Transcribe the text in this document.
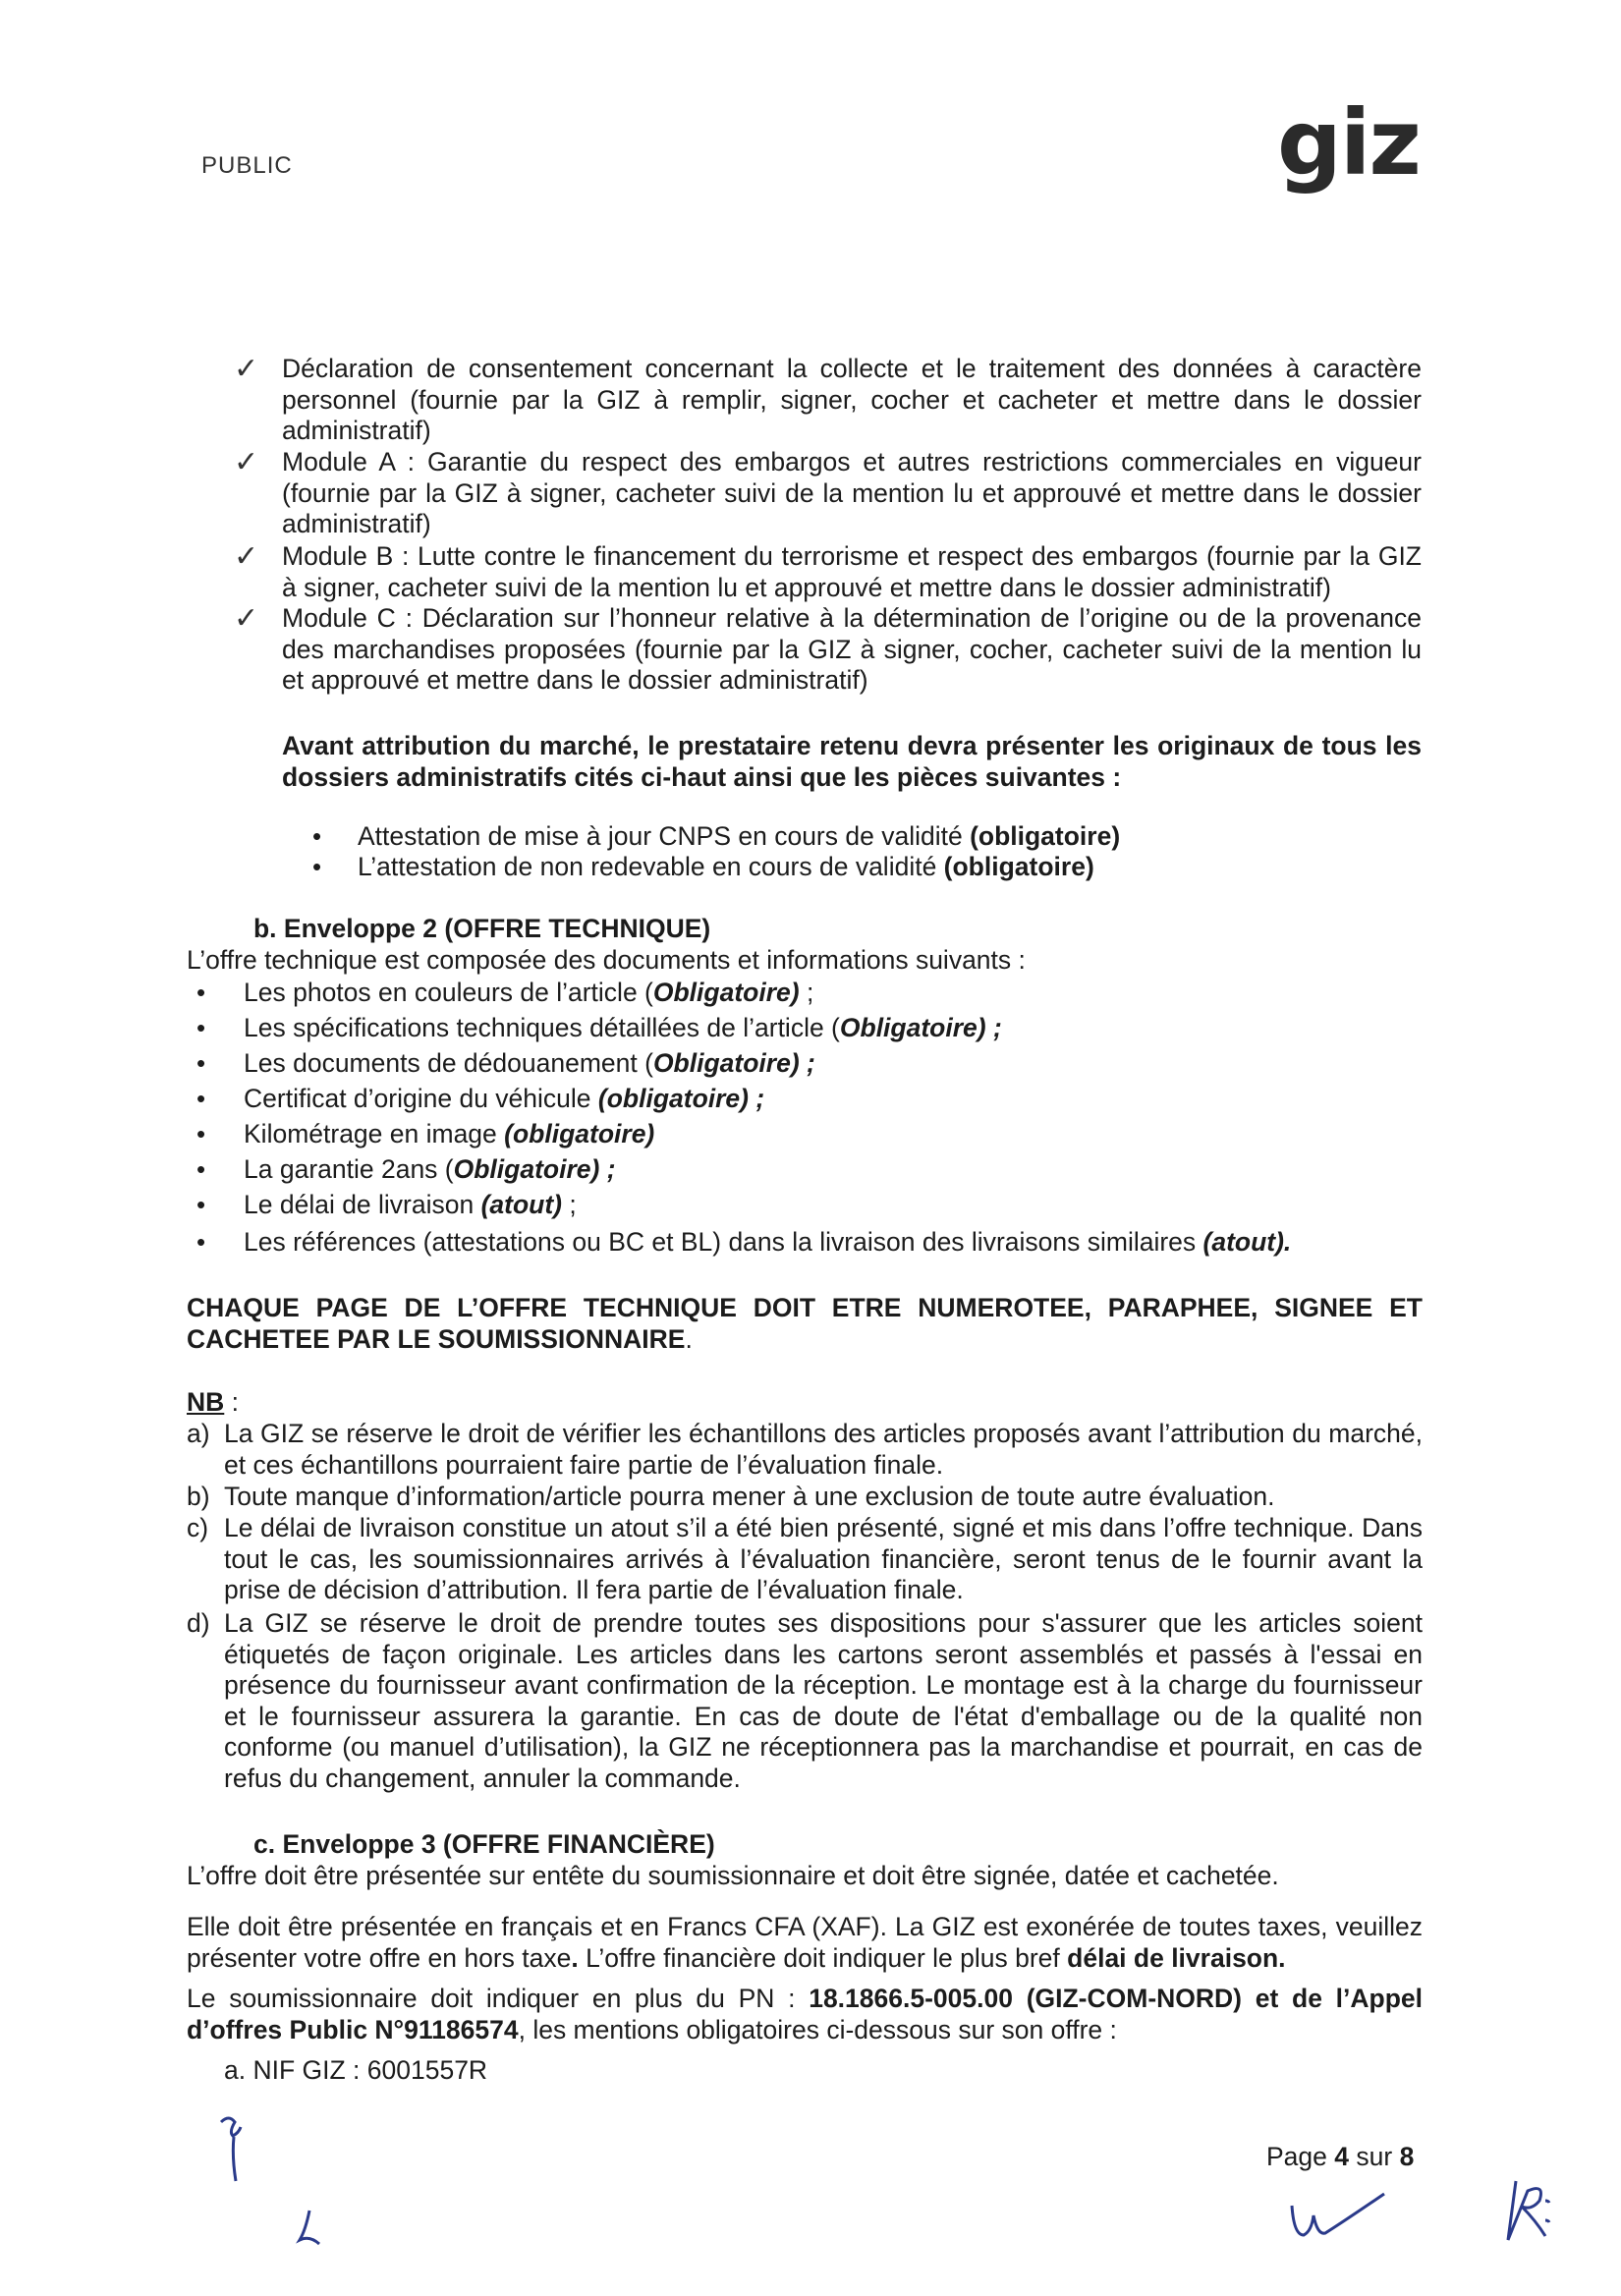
PUBLIC	giz
✓ Déclaration de consentement concernant la collecte et le traitement des données à caractère personnel (fournie par la GIZ à remplir, signer, cocher et cacheter et mettre dans le dossier administratif)
✓ Module A : Garantie du respect des embargos et autres restrictions commerciales en vigueur (fournie par la GIZ à signer, cacheter suivi de la mention lu et approuvé et mettre dans le dossier administratif)
✓ Module B : Lutte contre le financement du terrorisme et respect des embargos (fournie par la GIZ à signer, cacheter suivi de la mention lu et approuvé et mettre dans le dossier administratif)
✓ Module C : Déclaration sur l’honneur relative à la détermination de l’origine ou de la provenance des marchandises proposées (fournie par la GIZ à signer, cocher, cacheter suivi de la mention lu et approuvé et mettre dans le dossier administratif)
Avant attribution du marché, le prestataire retenu devra présenter les originaux de tous les dossiers administratifs cités ci-haut ainsi que les pièces suivantes :
• Attestation de mise à jour CNPS en cours de validité (obligatoire)
• L’attestation de non redevable en cours de validité (obligatoire)
b. Enveloppe 2 (OFFRE TECHNIQUE)
L’offre technique est composée des documents et informations suivants :
• Les photos en couleurs de l’article (Obligatoire) ;
• Les spécifications techniques détaillées de l’article (Obligatoire) ;
• Les documents de dédouanement (Obligatoire) ;
• Certificat d’origine du véhicule (obligatoire) ;
• Kilométrage en image (obligatoire)
• La garantie 2ans (Obligatoire) ;
• Le délai de livraison (atout) ;
• Les références (attestations ou BC et BL) dans la livraison des livraisons similaires (atout).
CHAQUE PAGE DE L’OFFRE TECHNIQUE DOIT ETRE NUMEROTEE, PARAPHEE, SIGNEE ET CACHETEE PAR LE SOUMISSIONNAIRE.
NB :
a) La GIZ se réserve le droit de vérifier les échantillons des articles proposés avant l’attribution du marché, et ces échantillons pourraient faire partie de l’évaluation finale.
b) Toute manque d’information/article pourra mener à une exclusion de toute autre évaluation.
c) Le délai de livraison constitue un atout s’il a été bien présenté, signé et mis dans l’offre technique. Dans tout le cas, les soumissionnaires arrivés à l’évaluation financière, seront tenus de le fournir avant la prise de décision d’attribution. Il fera partie de l’évaluation finale.
d) La GIZ se réserve le droit de prendre toutes ses dispositions pour s'assurer que les articles soient étiquetés de façon originale. Les articles dans les cartons seront assemblés et passés à l'essai en présence du fournisseur avant confirmation de la réception. Le montage est à la charge du fournisseur et le fournisseur assurera la garantie. En cas de doute de l'état d'emballage ou de la qualité non conforme (ou manuel d’utilisation), la GIZ ne réceptionnera pas la marchandise et pourrait, en cas de refus du changement, annuler la commande.
c. Enveloppe 3 (OFFRE FINANCIÈRE)
L’offre doit être présentée sur entête du soumissionnaire et doit être signée, datée et cachetée.
Elle doit être présentée en français et en Francs CFA (XAF). La GIZ est exonérée de toutes taxes, veuillez présenter votre offre en hors taxe. L’offre financière doit indiquer le plus bref délai de livraison.
Le soumissionnaire doit indiquer en plus du PN : 18.1866.5-005.00 (GIZ-COM-NORD) et de l’Appel d’offres Public N°91186574, les mentions obligatoires ci-dessous sur son offre :
a. NIF GIZ : 6001557R
Page 4 sur 8
